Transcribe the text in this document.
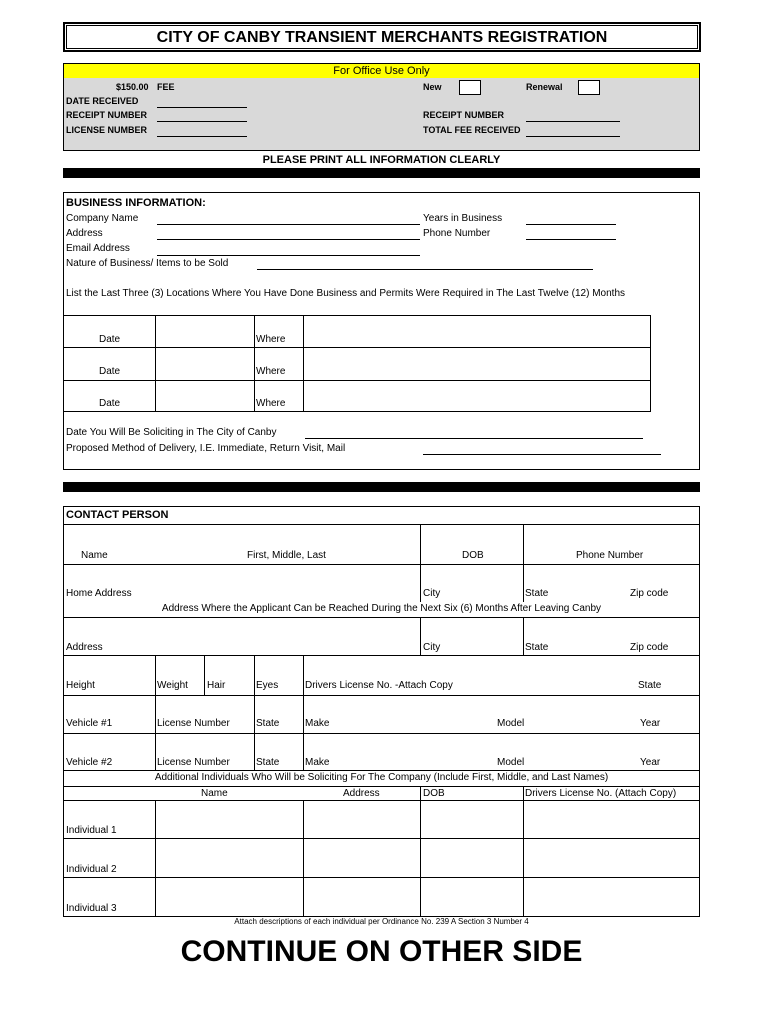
CITY OF CANBY TRANSIENT MERCHANTS REGISTRATION
For Office Use Only
$150.00 FEE
DATE RECEIVED
RECEIPT NUMBER
LICENSE NUMBER
New	Renewal
RECEIPT NUMBER
TOTAL FEE RECEIVED
PLEASE PRINT ALL INFORMATION CLEARLY
BUSINESS INFORMATION:
Company Name	Years in Business
Address	Phone Number
Email Address
Nature of Business/ Items to be Sold
List the Last Three (3) Locations Where You Have Done Business and Permits Were Required in The Last Twelve (12) Months
Date	Where
Date	Where
Date	Where
Date You Will Be Soliciting in The City of Canby
Proposed Method of Delivery, I.E. Immediate, Return Visit, Mail
CONTACT PERSON
Name	First, Middle, Last	DOB	Phone Number
Home Address	City	State	Zip code
Address Where the Applicant Can be Reached During the Next Six (6) Months After Leaving Canby
Address	City	State	Zip code
Height	Weight Hair	Eyes	Drivers License No. -Attach Copy	State
Vehicle #1	License Number	State	Make	Model	Year
Vehicle #2	License Number	State	Make	Model	Year
Additional Individuals Who Will be Soliciting For The Company (Include First, Middle, and Last Names)
Name	Address	DOB	Drivers License No. (Attach Copy)
Individual 1
Individual 2
Individual 3
Attach descriptions of each individual per Ordinance No. 239 A Section 3 Number 4
CONTINUE ON OTHER SIDE
